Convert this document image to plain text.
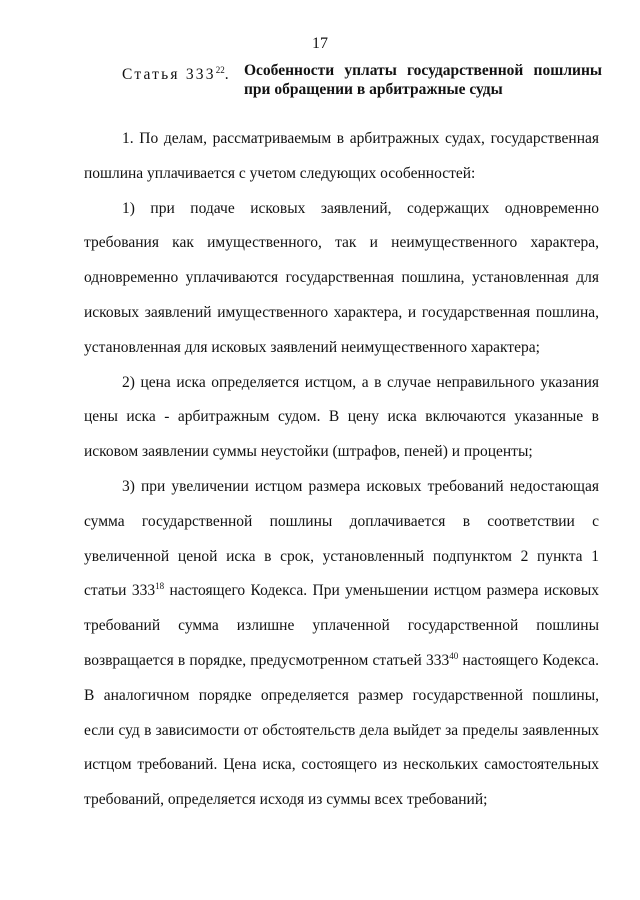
17
Статья $333^{22}$. Особенности уплаты государственной пошлины при обращении в арбитражные суды

1. По делам, рассматриваемым в арбитражных судах, государственная пошлина уплачивается с учетом следующих особенностей:

1) при подаче исковых заявлений, содержащих одновременно требования как имущественного, так и неимущественного характера, одновременно уплачиваются государственная пошлина, установленная для исковых заявлений имущественного характера, и государственная пошлина, установленная для исковых заявлений неимущественного характера;

2) цена иска определяется истцом, а в случае неправильного указания цены иска - арбитражным судом. В цену иска включаются указанные в исковом заявлении суммы неустойки (штрафов, пеней) и проценты;

3) при увеличении истцом размера исковых требований недостающая сумма государственной пошлины доплачивается в соответствии с увеличенной ценой иска в срок, установленный подпунктом 2 пункта 1 статьи $333^{18}$ настоящего Кодекса. При уменьшении истцом размера исковых требований сумма излишне уплаченной государственной пошлины возвращается в порядке, предусмотренном статьей $333^{40}$ настоящего Кодекса. В аналогичном порядке определяется размер государственной пошлины, если суд в зависимости от обстоятельств дела выйдет за пределы заявленных истцом требований. Цена иска, состоящего из нескольких самостоятельных требований, определяется исходя из суммы всех требований;
